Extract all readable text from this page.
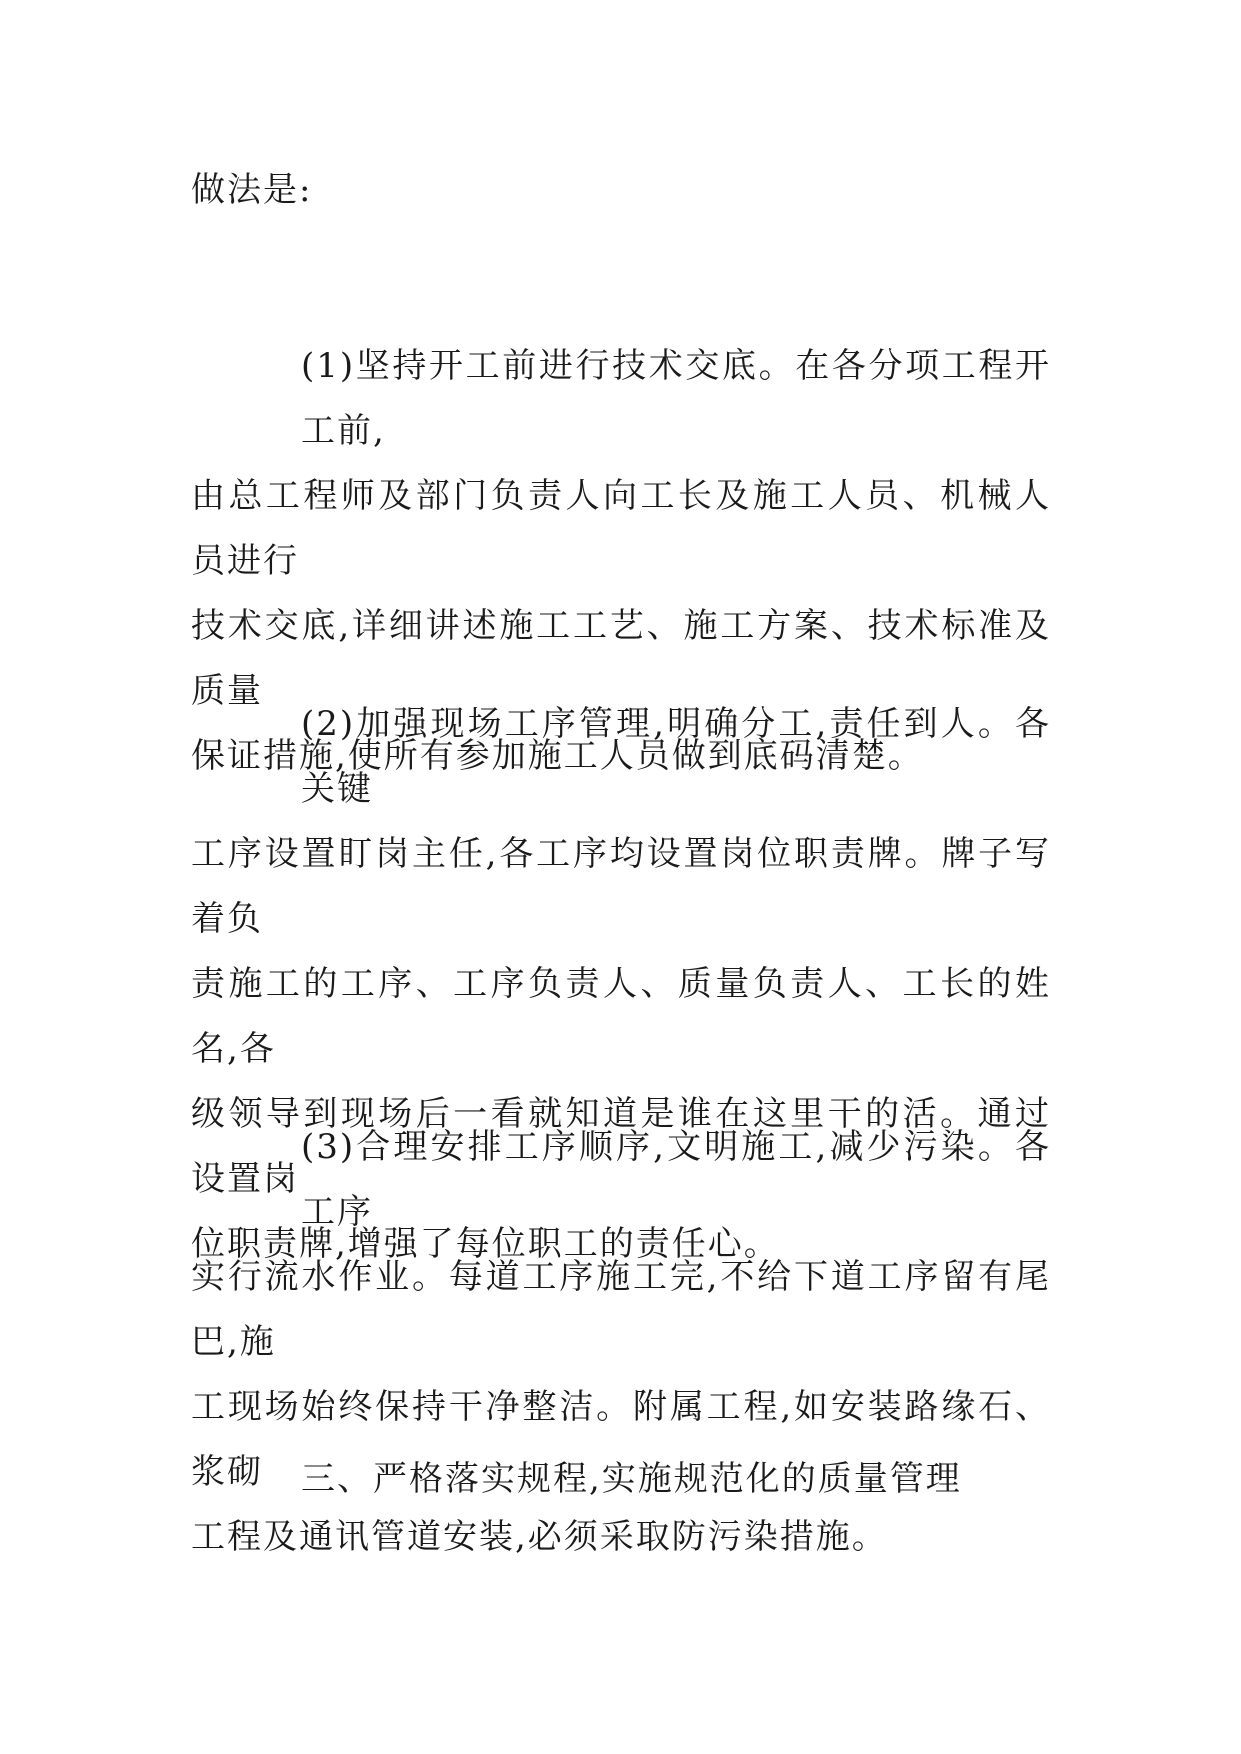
做法是:
(1)坚持开工前进行技术交底。在各分项工程开工前,
由总工程师及部门负责人向工长及施工人员、机械人员进行
技术交底,详细讲述施工工艺、施工方案、技术标准及质量
保证措施,使所有参加施工人员做到底码清楚。
(2)加强现场工序管理,明确分工,责任到人。各关键
工序设置盯岗主任,各工序均设置岗位职责牌。牌子写着负
责施工的工序、工序负责人、质量负责人、工长的姓名,各
级领导到现场后一看就知道是谁在这里干的活。通过设置岗
位职责牌,增强了每位职工的责任心。
(3)合理安排工序顺序,文明施工,减少污染。各工序
实行流水作业。每道工序施工完,不给下道工序留有尾巴,施
工现场始终保持干净整洁。附属工程,如安装路缘石、浆砌
工程及通讯管道安装,必须采取防污染措施。
三、严格落实规程,实施规范化的质量管理
